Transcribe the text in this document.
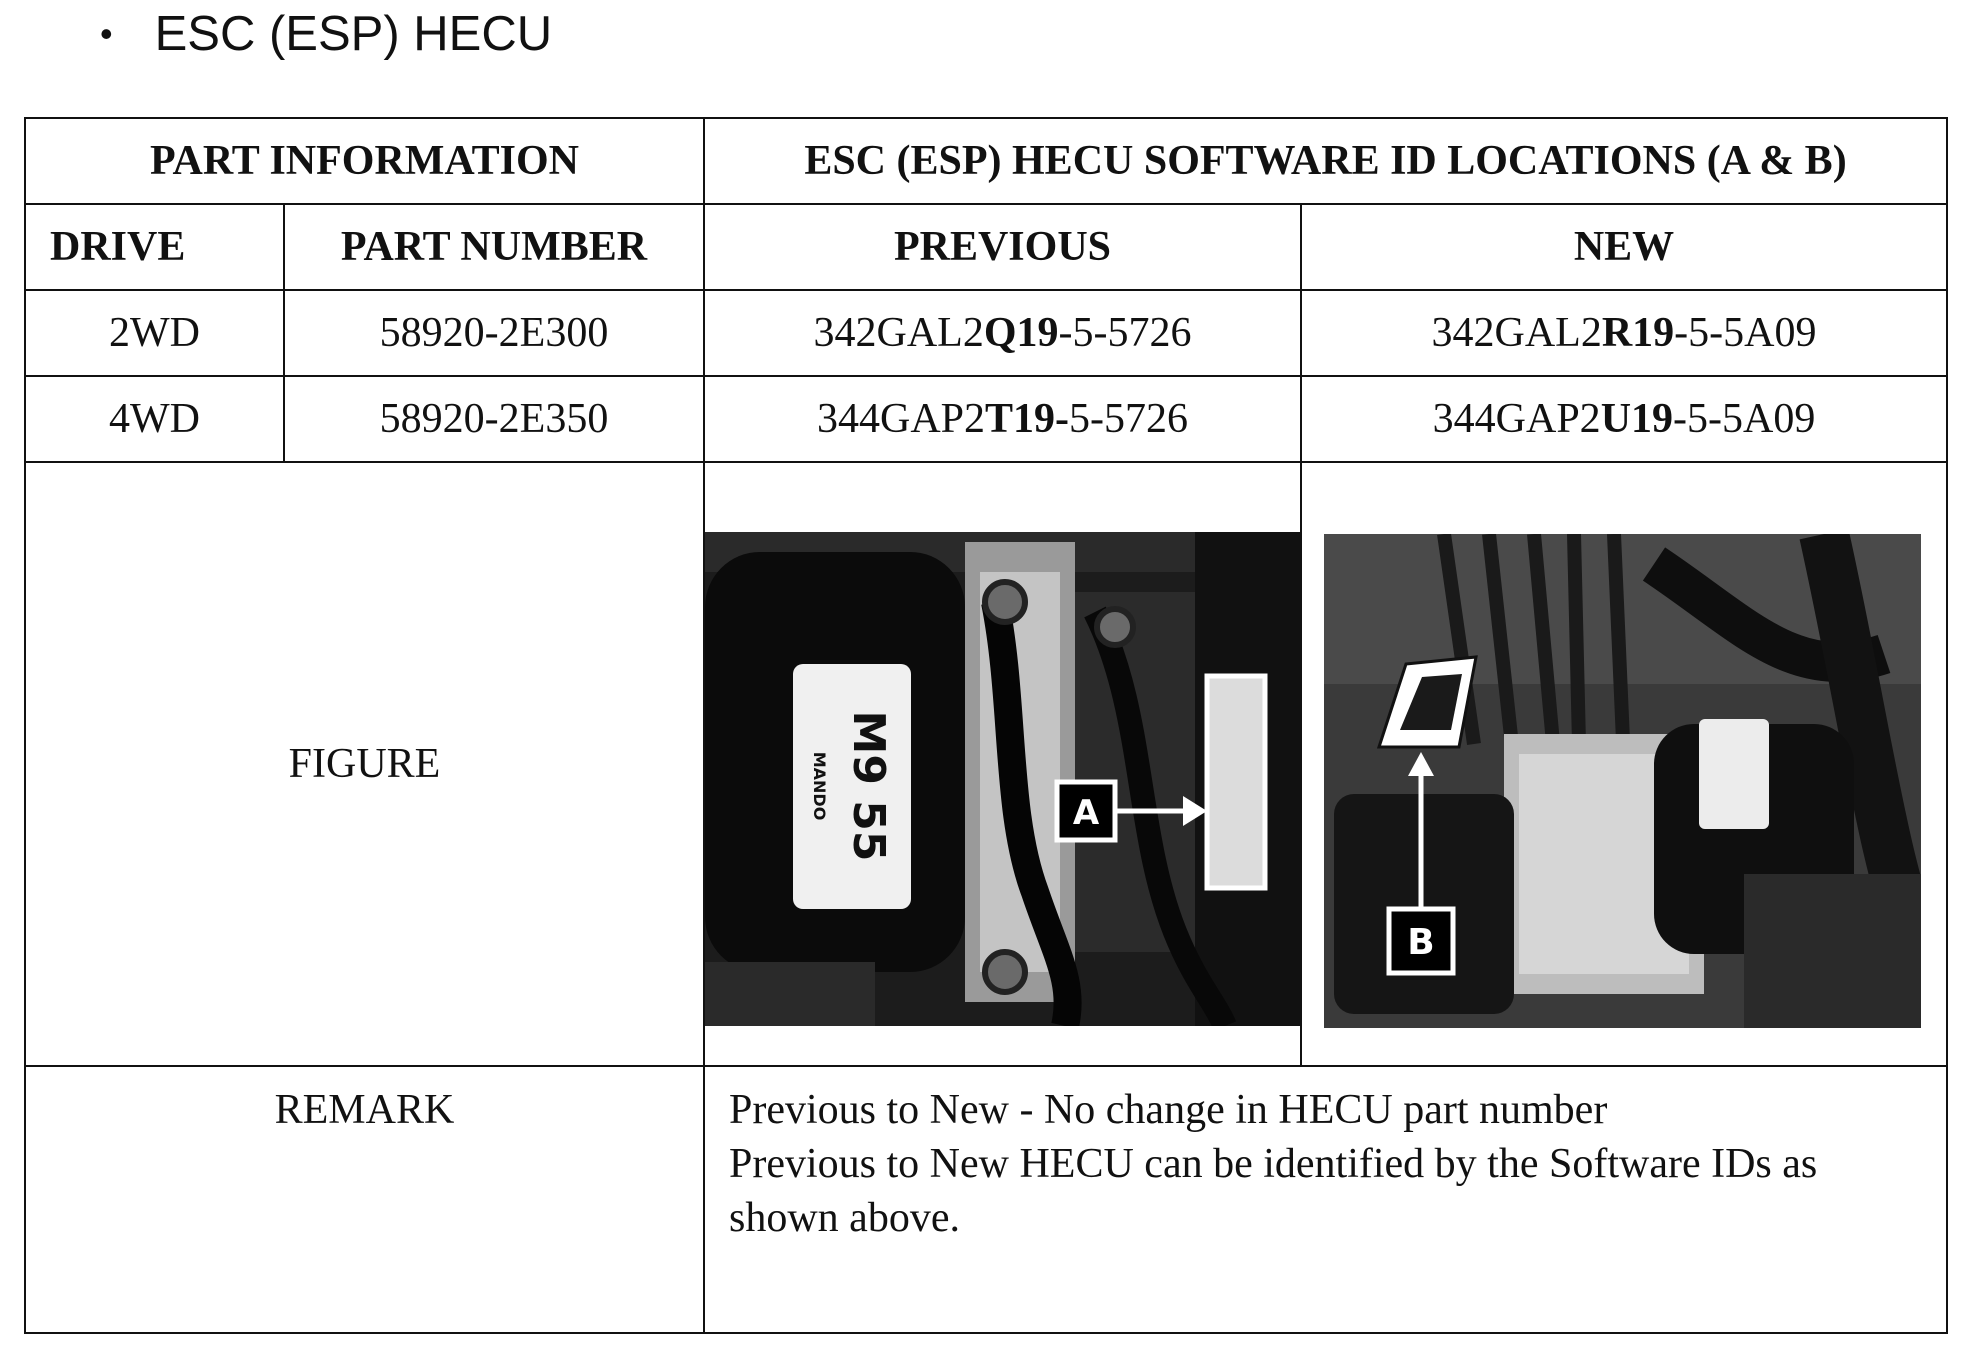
• ESC (ESP) HECU
PART INFORMATION		ESC (ESP) HECU SOFTWARE ID LOCATIONS (A & B)	
DRIVE	PART NUMBER	PREVIOUS	NEW
2WD	58920-2E300	342GAL2Q19-5-5726	342GAL2R19-5-5A09
4WD	58920-2E350	344GAP2T19-5-5726	344GAP2U19-5-5A09
FIGURE		MANDO M9 55 A	B

REMARK		Previous to New - No change in HECU part number
Previous to New HECU can be identified by the Software IDs as shown above.	
